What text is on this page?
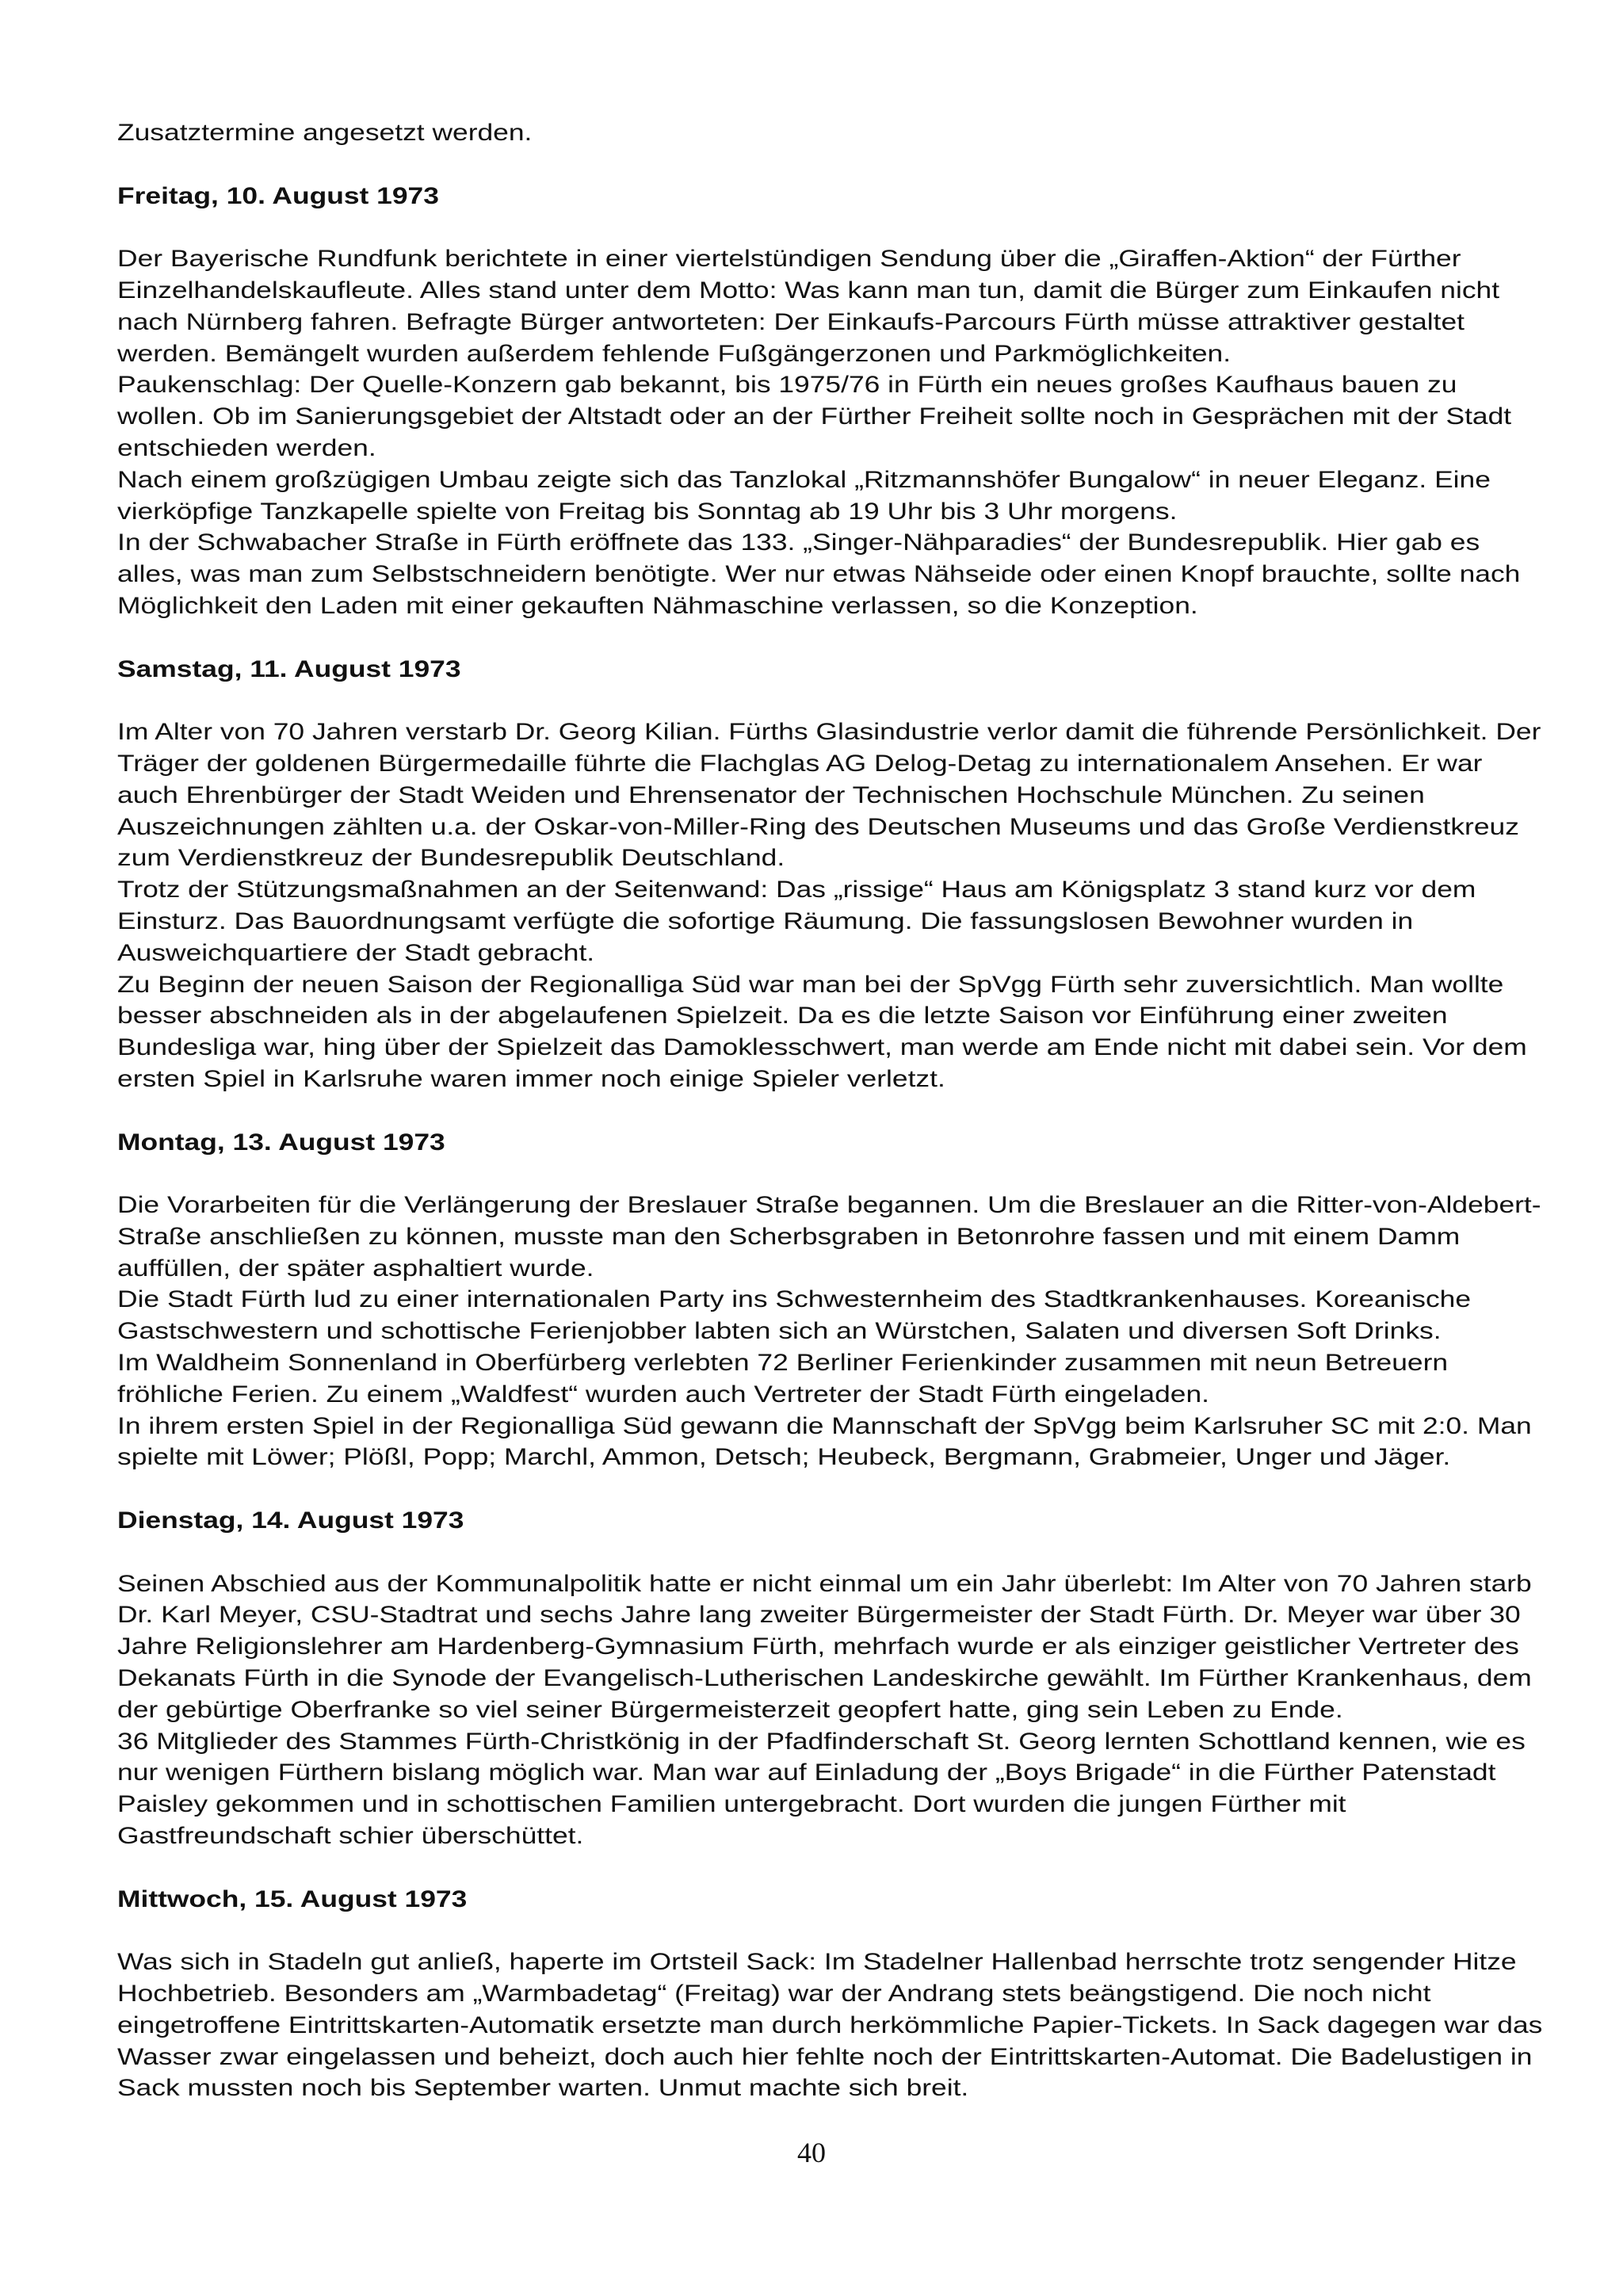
Zusatztermine angesetzt werden.
Freitag, 10. August 1973
Der Bayerische Rundfunk berichtete in einer viertelstündigen Sendung über die „Giraffen-Aktion“ der Fürther
Einzelhandelskaufleute. Alles stand unter dem Motto: Was kann man tun, damit die Bürger zum Einkaufen nicht
nach Nürnberg fahren. Befragte Bürger antworteten: Der Einkaufs-Parcours Fürth müsse attraktiver gestaltet
werden. Bemängelt wurden außerdem fehlende Fußgängerzonen und Parkmöglichkeiten.
Paukenschlag: Der Quelle-Konzern gab bekannt, bis 1975/76 in Fürth ein neues großes Kaufhaus bauen zu
wollen. Ob im Sanierungsgebiet der Altstadt oder an der Fürther Freiheit sollte noch in Gesprächen mit der Stadt
entschieden werden.
Nach einem großzügigen Umbau zeigte sich das Tanzlokal „Ritzmannshöfer Bungalow“ in neuer Eleganz. Eine
vierköpfige Tanzkapelle spielte von Freitag bis Sonntag ab 19 Uhr bis 3 Uhr morgens.
In der Schwabacher Straße in Fürth eröffnete das 133. „Singer-Nähparadies“ der Bundesrepublik. Hier gab es
alles, was man zum Selbstschneidern benötigte. Wer nur etwas Nähseide oder einen Knopf brauchte, sollte nach
Möglichkeit den Laden mit einer gekauften Nähmaschine verlassen, so die Konzeption.
Samstag, 11. August 1973
Im Alter von 70 Jahren verstarb Dr. Georg Kilian. Fürths Glasindustrie verlor damit die führende Persönlichkeit. Der
Träger der goldenen Bürgermedaille führte die Flachglas AG Delog-Detag zu internationalem Ansehen. Er war
auch Ehrenbürger der Stadt Weiden und Ehrensenator der Technischen Hochschule München. Zu seinen
Auszeichnungen zählten u.a. der Oskar-von-Miller-Ring des Deutschen Museums und das Große Verdienstkreuz
zum Verdienstkreuz der Bundesrepublik Deutschland.
Trotz der Stützungsmaßnahmen an der Seitenwand: Das „rissige“ Haus am Königsplatz 3 stand kurz vor dem
Einsturz. Das Bauordnungsamt verfügte die sofortige Räumung. Die fassungslosen Bewohner wurden in
Ausweichquartiere der Stadt gebracht.
Zu Beginn der neuen Saison der Regionalliga Süd war man bei der SpVgg Fürth sehr zuversichtlich. Man wollte
besser abschneiden als in der abgelaufenen Spielzeit. Da es die letzte Saison vor Einführung einer zweiten
Bundesliga war, hing über der Spielzeit das Damoklesschwert, man werde am Ende nicht mit dabei sein. Vor dem
ersten Spiel in Karlsruhe waren immer noch einige Spieler verletzt.
Montag, 13. August 1973
Die Vorarbeiten für die Verlängerung der Breslauer Straße begannen. Um die Breslauer an die Ritter-von-Aldebert-
Straße anschließen zu können, musste man den Scherbsgraben in Betonrohre fassen und mit einem Damm
auffüllen, der später asphaltiert wurde.
Die Stadt Fürth lud zu einer internationalen Party ins Schwesternheim des Stadtkrankenhauses. Koreanische
Gastschwestern und schottische Ferienjobber labten sich an Würstchen, Salaten und diversen Soft Drinks.
Im Waldheim Sonnenland in Oberfürberg verlebten 72 Berliner Ferienkinder zusammen mit neun Betreuern
fröhliche Ferien. Zu einem „Waldfest“ wurden auch Vertreter der Stadt Fürth eingeladen.
In ihrem ersten Spiel in der Regionalliga Süd gewann die Mannschaft der SpVgg beim Karlsruher SC mit 2:0. Man
spielte mit Löwer; Plößl, Popp; Marchl, Ammon, Detsch; Heubeck, Bergmann, Grabmeier, Unger und Jäger.
Dienstag, 14. August 1973
Seinen Abschied aus der Kommunalpolitik hatte er nicht einmal um ein Jahr überlebt: Im Alter von 70 Jahren starb
Dr. Karl Meyer, CSU-Stadtrat und sechs Jahre lang zweiter Bürgermeister der Stadt Fürth. Dr. Meyer war über 30
Jahre Religionslehrer am Hardenberg-Gymnasium Fürth, mehrfach wurde er als einziger geistlicher Vertreter des
Dekanats Fürth in die Synode der Evangelisch-Lutherischen Landeskirche gewählt. Im Fürther Krankenhaus, dem
der gebürtige Oberfranke so viel seiner Bürgermeisterzeit geopfert hatte, ging sein Leben zu Ende.
36 Mitglieder des Stammes Fürth-Christkönig in der Pfadfinderschaft St. Georg lernten Schottland kennen, wie es
nur wenigen Fürthern bislang möglich war. Man war auf Einladung der „Boys Brigade“ in die Fürther Patenstadt
Paisley gekommen und in schottischen Familien untergebracht. Dort wurden die jungen Fürther mit
Gastfreundschaft schier überschüttet.
Mittwoch, 15. August 1973
Was sich in Stadeln gut anließ, haperte im Ortsteil Sack: Im Stadelner Hallenbad herrschte trotz sengender Hitze
Hochbetrieb. Besonders am „Warmbadetag“ (Freitag) war der Andrang stets beängstigend. Die noch nicht
eingetroffene Eintrittskarten-Automatik ersetzte man durch herkömmliche Papier-Tickets. In Sack dagegen war das
Wasser zwar eingelassen und beheizt, doch auch hier fehlte noch der Eintrittskarten-Automat. Die Badelustigen in
Sack mussten noch bis September warten. Unmut machte sich breit.
40
